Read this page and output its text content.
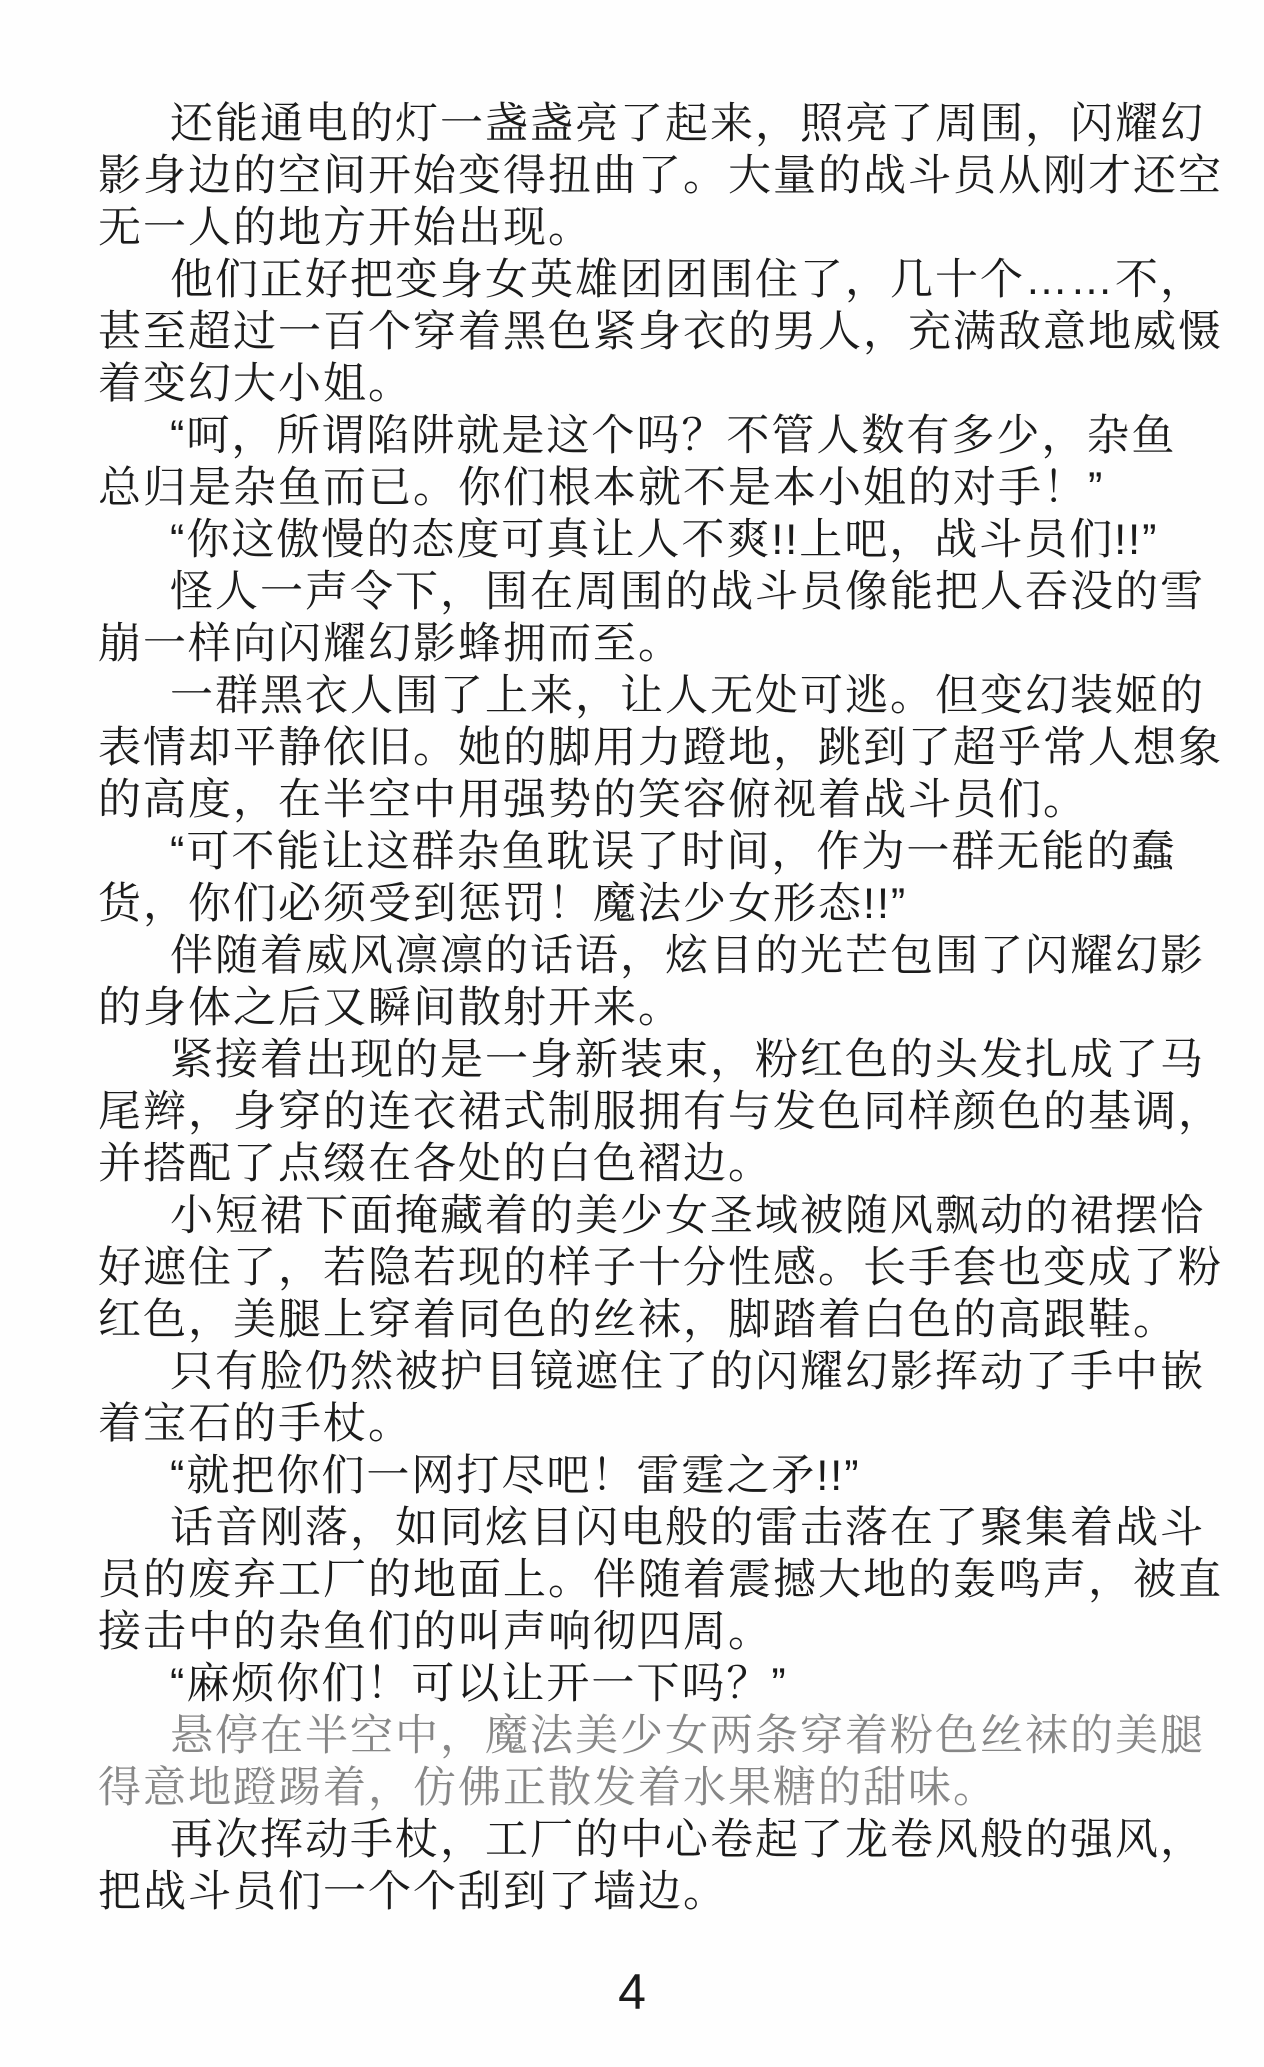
还能通电的灯一盏盏亮了起来，照亮了周围，闪耀幻
影身边的空间开始变得扭曲了。大量的战斗员从刚才还空
无一人的地方开始出现。
他们正好把变身女英雄团团围住了，几十个……不，
甚至超过一百个穿着黑色紧身衣的男人，充满敌意地威慑
着变幻大小姐。
“呵，所谓陷阱就是这个吗？不管人数有多少，杂鱼
总归是杂鱼而已。你们根本就不是本小姐的对手！”
“你这傲慢的态度可真让人不爽!!上吧，战斗员们!!”
怪人一声令下，围在周围的战斗员像能把人吞没的雪
崩一样向闪耀幻影蜂拥而至。
一群黑衣人围了上来，让人无处可逃。但变幻装姬的
表情却平静依旧。她的脚用力蹬地，跳到了超乎常人想象
的高度，在半空中用强势的笑容俯视着战斗员们。
“可不能让这群杂鱼耽误了时间，作为一群无能的蠢
货，你们必须受到惩罚！魔法少女形态!!”
伴随着威风凛凛的话语，炫目的光芒包围了闪耀幻影
的身体之后又瞬间散射开来。
紧接着出现的是一身新装束，粉红色的头发扎成了马
尾辫，身穿的连衣裙式制服拥有与发色同样颜色的基调，
并搭配了点缀在各处的白色褶边。
小短裙下面掩藏着的美少女圣域被随风飘动的裙摆恰
好遮住了，若隐若现的样子十分性感。长手套也变成了粉
红色，美腿上穿着同色的丝袜，脚踏着白色的高跟鞋。
只有脸仍然被护目镜遮住了的闪耀幻影挥动了手中嵌
着宝石的手杖。
“就把你们一网打尽吧！雷霆之矛!!”
话音刚落，如同炫目闪电般的雷击落在了聚集着战斗
员的废弃工厂的地面上。伴随着震撼大地的轰鸣声，被直
接击中的杂鱼们的叫声响彻四周。
“麻烦你们！可以让开一下吗？”
悬停在半空中，魔法美少女两条穿着粉色丝袜的美腿
得意地蹬踢着，仿佛正散发着水果糖的甜味。
再次挥动手杖，工厂的中心卷起了龙卷风般的强风，
把战斗员们一个个刮到了墙边。
4
